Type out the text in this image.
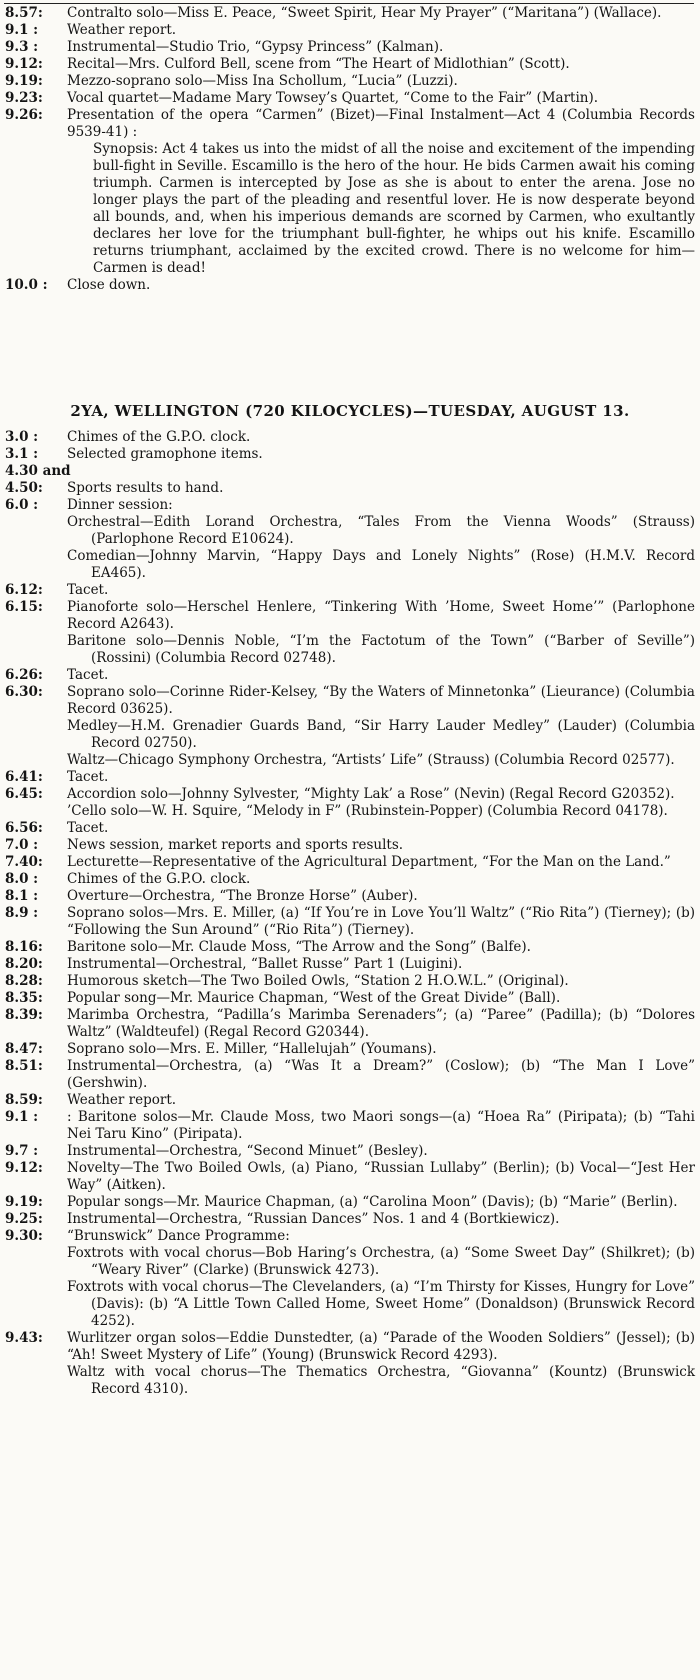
8.57:	Contralto solo—Miss E. Peace, “Sweet Spirit, Hear My Prayer” (“Maritana”) (Wallace).
9.1 :	Weather report.
9.3 :	Instrumental—Studio Trio, “Gypsy Princess” (Kalman).
9.12:	Recital—Mrs. Culford Bell, scene from “The Heart of Midlothian” (Scott).
9.19:	Mezzo-soprano solo—Miss Ina Schollum, “Lucia” (Luzzi).
9.23:	Vocal quartet—Madame Mary Towsey’s Quartet, “Come to the Fair” (Martin).
9.26:	Presentation of the opera “Carmen” (Bizet)—Final Instalment—Act 4 (Columbia Records 9539-41) :
Synopsis: Act 4 takes us into the midst of all the noise and excitement of the impending bull-fight in Seville. Escamillo is the hero of the hour. He bids Carmen await his coming triumph. Carmen is intercepted by Jose as she is about to enter the arena. Jose no longer plays the part of the pleading and resentful lover. He is now desperate beyond all bounds, and, when his imperious demands are scorned by Carmen, who exultantly declares her love for the triumphant bull-fighter, he whips out his knife. Escamillo returns triumphant, acclaimed by the excited crowd. There is no welcome for him—Carmen is dead!
10.0 :	Close down.
2YA, WELLINGTON (720 KILOCYCLES)—TUESDAY, AUGUST 13.
3.0 :	Chimes of the G.P.O. clock.
3.1 :	Selected gramophone items.
4.30 and
4.50:	Sports results to hand.
6.0 :	Dinner session:
Orchestral—Edith Lorand Orchestra, “Tales From the Vienna Woods” (Strauss) (Parlophone Record E10624).
Comedian—Johnny Marvin, “Happy Days and Lonely Nights” (Rose) (H.M.V. Record EA465).
6.12:	Tacet.
6.15:	Pianoforte solo—Herschel Henlere, “Tinkering With ’Home, Sweet Home’” (Parlophone Record A2643).
Baritone solo—Dennis Noble, “I’m the Factotum of the Town” (“Barber of Seville”) (Rossini) (Columbia Record 02748).
6.26:	Tacet.
6.30:	Soprano solo—Corinne Rider-Kelsey, “By the Waters of Minnetonka” (Lieurance) (Columbia Record 03625).
Medley—H.M. Grenadier Guards Band, “Sir Harry Lauder Medley” (Lauder) (Columbia Record 02750).
Waltz—Chicago Symphony Orchestra, “Artists’ Life” (Strauss) (Columbia Record 02577).
6.41:	Tacet.
6.45:	Accordion solo—Johnny Sylvester, “Mighty Lak’ a Rose” (Nevin) (Regal Record G20352).
’Cello solo—W. H. Squire, “Melody in F” (Rubinstein-Popper) (Columbia Record 04178).
6.56:	Tacet.
7.0 :	News session, market reports and sports results.
7.40:	Lecturette—Representative of the Agricultural Department, “For the Man on the Land.”
8.0 :	Chimes of the G.P.O. clock.
8.1 :	Overture—Orchestra, “The Bronze Horse” (Auber).
8.9 :	Soprano solos—Mrs. E. Miller, (a) “If You’re in Love You’ll Waltz” (“Rio Rita”) (Tierney); (b) “Following the Sun Around” (“Rio Rita”) (Tierney).
8.16:	Baritone solo—Mr. Claude Moss, “The Arrow and the Song” (Balfe).
8.20:	Instrumental—Orchestral, “Ballet Russe” Part 1 (Luigini).
8.28:	Humorous sketch—The Two Boiled Owls, “Station 2 H.O.W.L.” (Original).
8.35:	Popular song—Mr. Maurice Chapman, “West of the Great Divide” (Ball).
8.39:	Marimba Orchestra, “Padilla’s Marimba Serenaders”; (a) “Paree” (Padilla); (b) “Dolores Waltz” (Waldteufel) (Regal Record G20344).
8.47:	Soprano solo—Mrs. E. Miller, “Hallelujah” (Youmans).
8.51:	Instrumental—Orchestra, (a) “Was It a Dream?” (Coslow); (b) “The Man I Love” (Gershwin).
8.59:	Weather report.
9.1 :	: Baritone solos—Mr. Claude Moss, two Maori songs—(a) “Hoea Ra” (Piripata); (b) “Tahi Nei Taru Kino” (Piripata).
9.7 :	Instrumental—Orchestra, “Second Minuet” (Besley).
9.12:	Novelty—The Two Boiled Owls, (a) Piano, “Russian Lullaby” (Berlin); (b) Vocal—“Jest Her Way” (Aitken).
9.19:	Popular songs—Mr. Maurice Chapman, (a) “Carolina Moon” (Davis); (b) “Marie” (Berlin).
9.25:	Instrumental—Orchestra, “Russian Dances” Nos. 1 and 4 (Bortkiewicz).
9.30:	“Brunswick” Dance Programme:
Foxtrots with vocal chorus—Bob Haring’s Orchestra, (a) “Some Sweet Day” (Shilkret); (b) “Weary River” (Clarke) (Brunswick 4273).
Foxtrots with vocal chorus—The Clevelanders, (a) “I’m Thirsty for Kisses, Hungry for Love” (Davis): (b) “A Little Town Called Home, Sweet Home” (Donaldson) (Brunswick Record 4252).
9.43:	Wurlitzer organ solos—Eddie Dunstedter, (a) “Parade of the Wooden Soldiers” (Jessel); (b) “Ah! Sweet Mystery of Life” (Young) (Brunswick Record 4293).
Waltz with vocal chorus—The Thematics Orchestra, “Giovanna” (Kountz) (Brunswick Record 4310).
